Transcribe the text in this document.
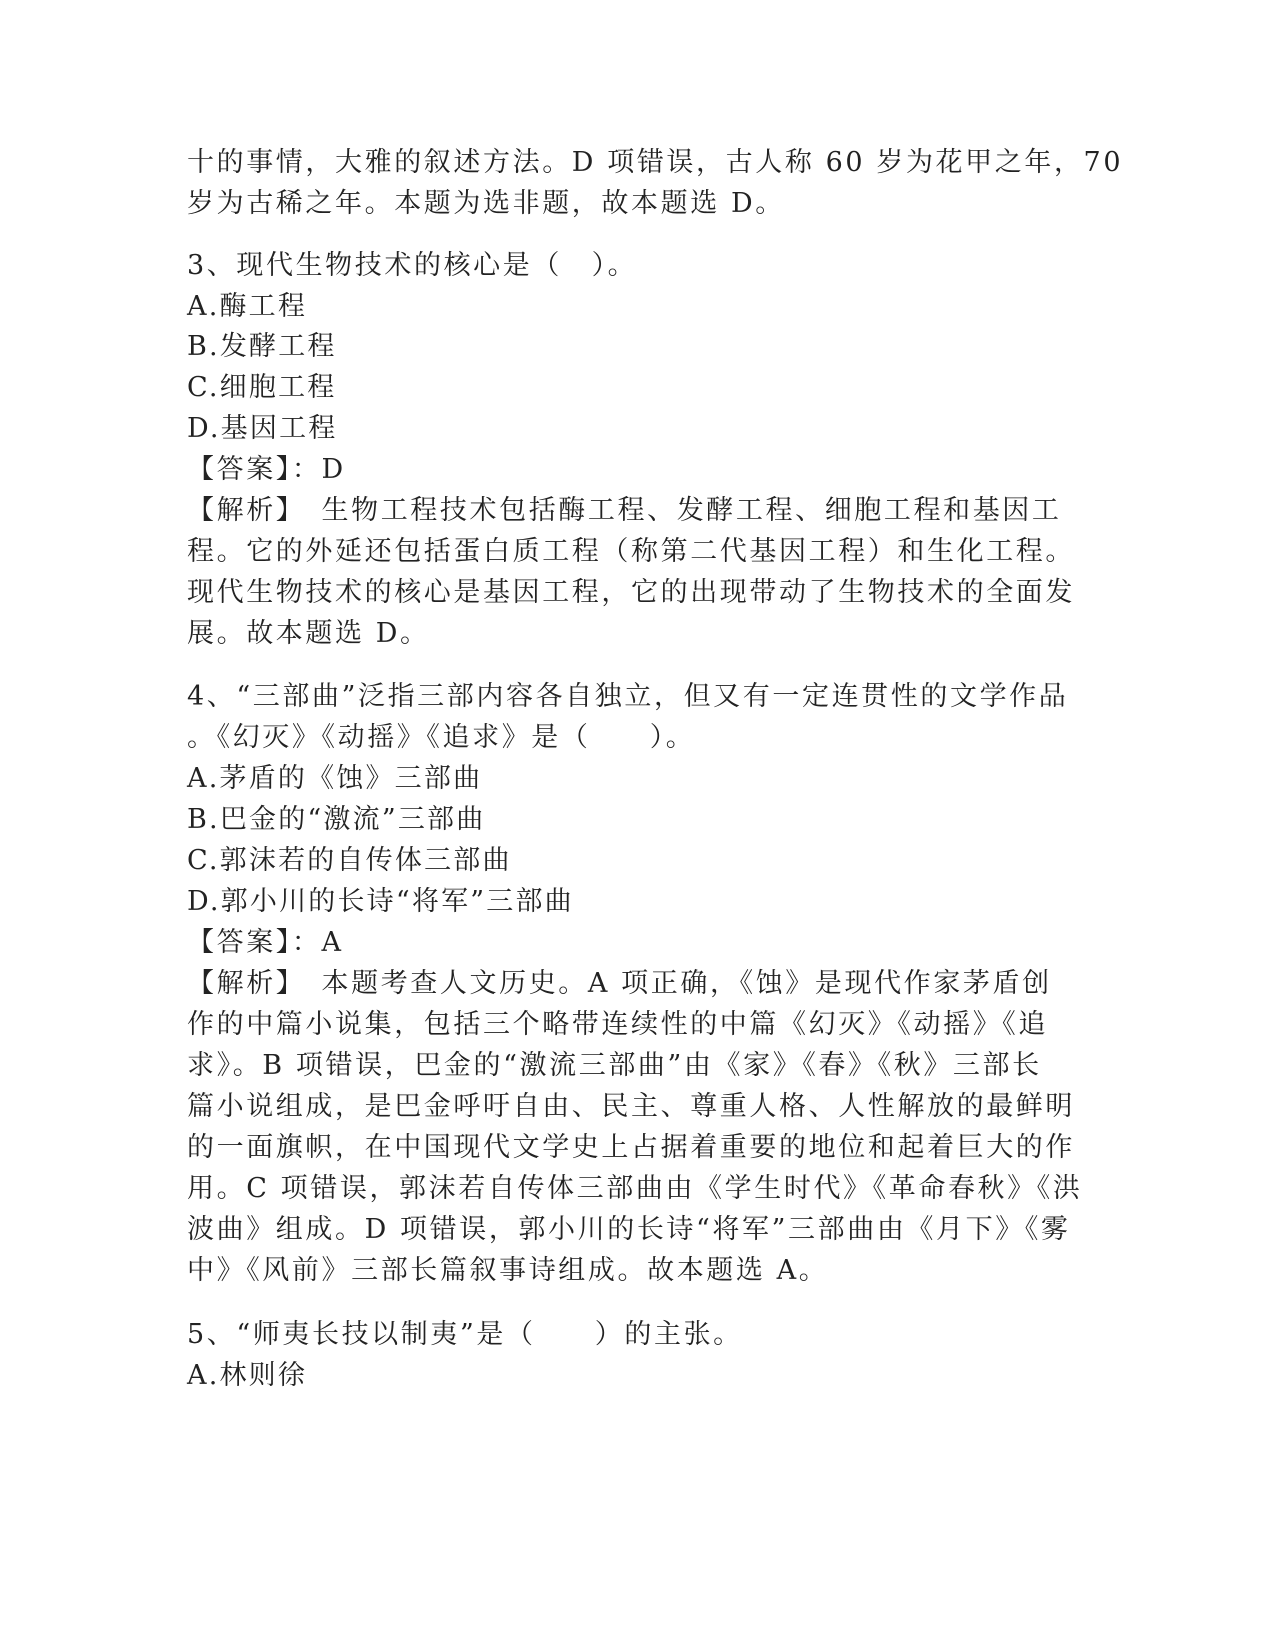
十的事情，大雅的叙述方法。D 项错误，古人称 60 岁为花甲之年，70
岁为古稀之年。本题为选非题，故本题选 D。
3、现代生物技术的核心是（　）。
A.酶工程
B.发酵工程
C.细胞工程
D.基因工程
【答案】：D
【解析】　生物工程技术包括酶工程、发酵工程、细胞工程和基因工
程。它的外延还包括蛋白质工程（称第二代基因工程）和生化工程。
现代生物技术的核心是基因工程，它的出现带动了生物技术的全面发
展。故本题选 D。
4、“三部曲”泛指三部内容各自独立，但又有一定连贯性的文学作品
。《幻灭》《动摇》《追求》是（　　）。
A.茅盾的《蚀》三部曲
B.巴金的“激流”三部曲
C.郭沫若的自传体三部曲
D.郭小川的长诗“将军”三部曲
【答案】：A
【解析】　本题考查人文历史。A 项正确，《蚀》是现代作家茅盾创
作的中篇小说集，包括三个略带连续性的中篇《幻灭》《动摇》《追
求》。B 项错误，巴金的“激流三部曲”由《家》《春》《秋》三部长
篇小说组成，是巴金呼吁自由、民主、尊重人格、人性解放的最鲜明
的一面旗帜，在中国现代文学史上占据着重要的地位和起着巨大的作
用。C 项错误，郭沫若自传体三部曲由《学生时代》《革命春秋》《洪
波曲》组成。D 项错误，郭小川的长诗“将军”三部曲由《月下》《雾
中》《风前》三部长篇叙事诗组成。故本题选 A。
5、“师夷长技以制夷”是（　　）的主张。
A.林则徐
